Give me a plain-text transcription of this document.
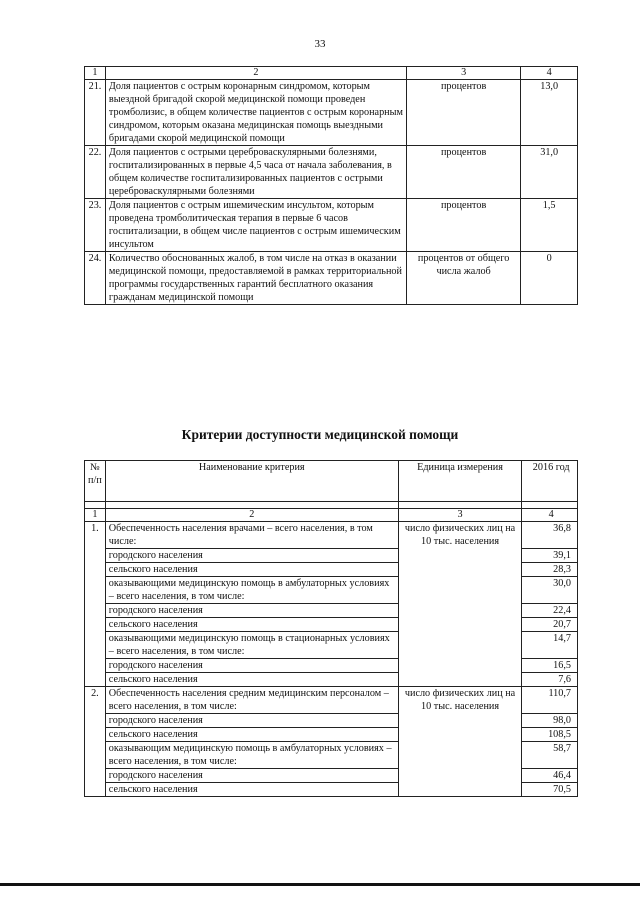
33
1	2	3	4
21.	Доля пациентов с острым коронарным синдромом, которым выездной бригадой скорой медицинской помощи проведен тромболизис, в общем количестве пациентов с острым коронарным синдромом, которым оказана медицинская помощь выездными бригадами скорой медицинской помощи	процентов	13,0
22.	Доля пациентов с острыми цереброваскулярными болезнями, госпитализированных в первые 4,5 часа от начала заболевания, в общем количестве госпитализированных пациентов с острыми цереброваскулярными болезнями	процентов	31,0
23.	Доля пациентов с острым ишемическим инсультом, которым проведена тромболитическая терапия в первые 6 часов госпитализации, в общем числе пациентов с острым ишемическим инсультом	процентов	1,5
24.	Количество обоснованных жалоб, в том числе на отказ в оказании медицинской помощи, предоставляемой в рамках территориальной программы государственных гарантий бесплатного оказания гражданам медицинской помощи	процентов от общего числа жалоб	0
Критерии доступности медицинской помощи
№ п/п	Наименование критерия	Единица измерения	2016 год

1	2	3	4
1.	Обеспеченность населения врачами – всего населения, в том числе:	число физических лиц на 10 тыс. населения	36,8
	городского населения		39,1
	сельского населения		28,3
	оказывающими медицинскую помощь в амбулаторных условиях – всего населения, в том числе:		30,0
	городского населения		22,4
	сельского населения		20,7
	оказывающими медицинскую помощь в стационарных условиях – всего населения, в том числе:		14,7
	городского населения		16,5
	сельского населения		7,6
2.	Обеспеченность населения средним медицинским персоналом – всего населения, в том числе:	число физических лиц на 10 тыс. населения	110,7
	городского населения		98,0
	сельского населения		108,5
	оказывающим медицинскую помощь в амбулаторных условиях – всего населения, в том числе:		58,7
	городского населения		46,4
	сельского населения		70,5
